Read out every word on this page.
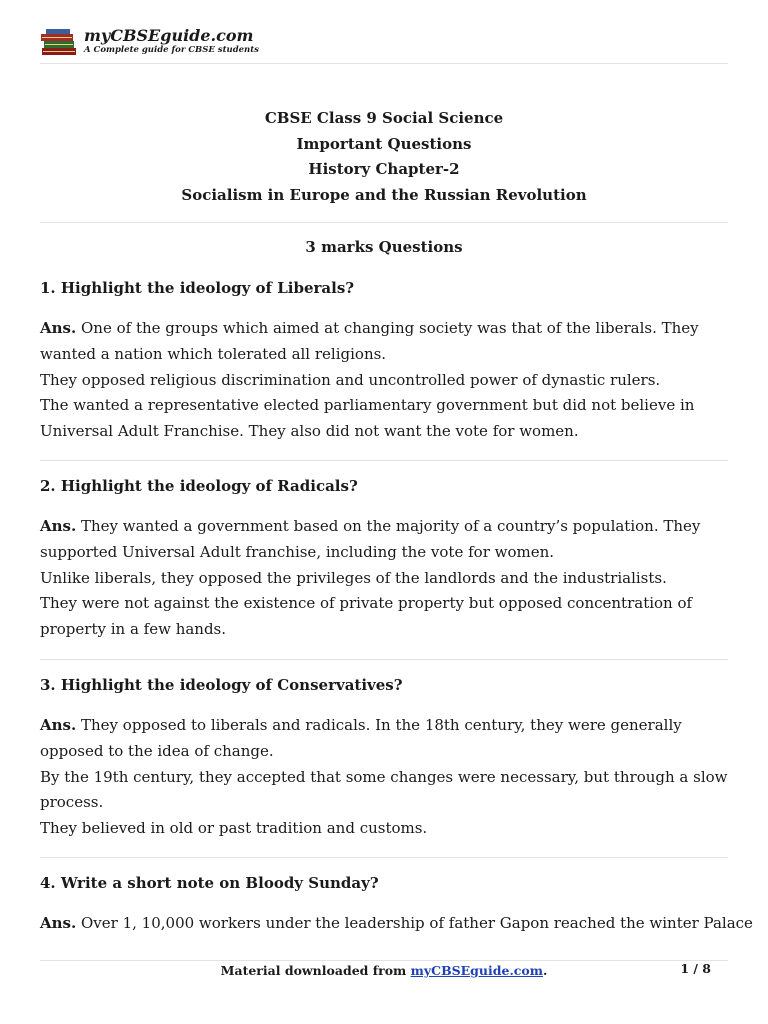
myCBSEguide.com
A Complete guide for CBSE students
CBSE Class 9 Social Science
Important Questions
History Chapter-2
Socialism in Europe and the Russian Revolution
3 marks Questions
1. Highlight the ideology of Liberals?

Ans. One of the groups which aimed at changing society was that of the liberals. They wanted a nation which tolerated all religions.

They opposed religious discrimination and uncontrolled power of dynastic rulers.

The wanted a representative elected parliamentary government but did not believe in Universal Adult Franchise. They also did not want the vote for women.

2. Highlight the ideology of Radicals?

Ans. They wanted a government based on the majority of a country’s population. They supported Universal Adult franchise, including the vote for women.

Unlike liberals, they opposed the privileges of the landlords and the industrialists.

They were not against the existence of private property but opposed concentration of property in a few hands.

3. Highlight the ideology of Conservatives?

Ans. They opposed to liberals and radicals. In the 18th century, they were generally opposed to the idea of change.

By the 19th century, they accepted that some changes were necessary, but through a slow process.

They believed in old or past tradition and customs.

4. Write a short note on Bloody Sunday?

Ans. Over 1, 10,000 workers under the leadership of father Gapon reached the winter Palace

Material downloaded from myCBSEguide.com.	1 / 8
